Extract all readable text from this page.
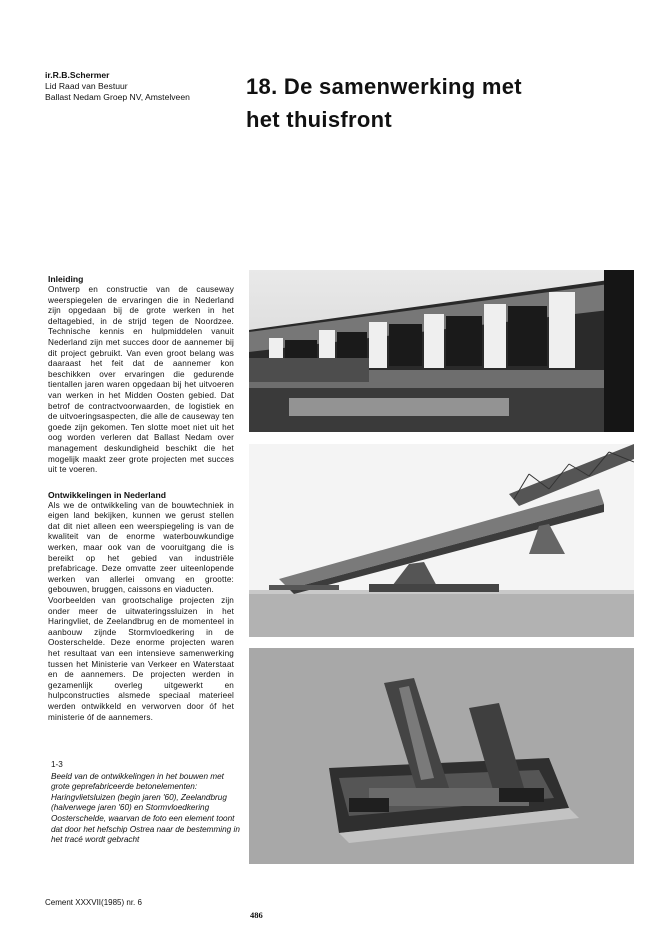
ir.R.B.Schermer
Lid Raad van Bestuur
Ballast Nedam Groep NV, Amstelveen	18. De samenwerking met
het thuisfront
Inleiding

Ontwerp en constructie van de causeway weerspiegelen de ervaringen die in Nederland zijn opgedaan bij de grote werken in het deltagebied, in de strijd tegen de Noordzee. Technische kennis en hulpmiddelen vanuit Nederland zijn met succes door de aannemer bij dit project gebruikt. Van even groot belang was daaraast het feit dat de aannemer kon beschikken over ervaringen die gedurende tientallen jaren waren opgedaan bij het uitvoeren van werken in het Midden Oosten gebied. Dat betrof de contractvoorwaarden, de logistiek en de uitvoeringsaspecten, die alle de causeway ten goede zijn gekomen. Ten slotte moet niet uit het oog worden verleren dat Ballast Nedam over management deskundigheid beschikt die het mogelijk maakt zeer grote projecten met succes uit te voeren.

Ontwikkelingen in Nederland

Als we de ontwikkeling van de bouwtechniek in eigen land bekijken, kunnen we gerust stellen dat dit niet alleen een weerspiegeling is van de kwaliteit van de enorme waterbouwkundige werken, maar ook van de vooruitgang die is bereikt op het gebied van industriële prefabricage. Deze omvatte zeer uiteenlopende werken van allerlei omvang en grootte: gebouwen, bruggen, caissons en viaducten.

Voorbeelden van grootschalige projecten zijn onder meer de uitwateringssluizen in het Haringvliet, de Zeelandbrug en de momenteel in aanbouw zijnde Stormvloedkering in de Oosterschelde. Deze enorme projecten waren het resultaat van een intensieve samenwerking tussen het Ministerie van Verkeer en Waterstaat en de aannemers. De projecten werden in gezamenlijk overleg uitgewerkt en hulpconstructies alsmede speciaal materieel werden ontwikkeld en verworven door óf het ministerie óf de aannemers.

1-3
Beeld van de ontwikkelingen in het bouwen met grote geprefabriceerde betonelementen: Haringvlietsluizen (begin jaren '60), Zeelandbrug (halverwege jaren '60) en Stormvloedkering Oosterschelde, waarvan de foto een element toont dat door het hefschip Ostrea naar de bestemming in het tracé wordt gebracht
Cement XXXVII(1985) nr. 6
486
